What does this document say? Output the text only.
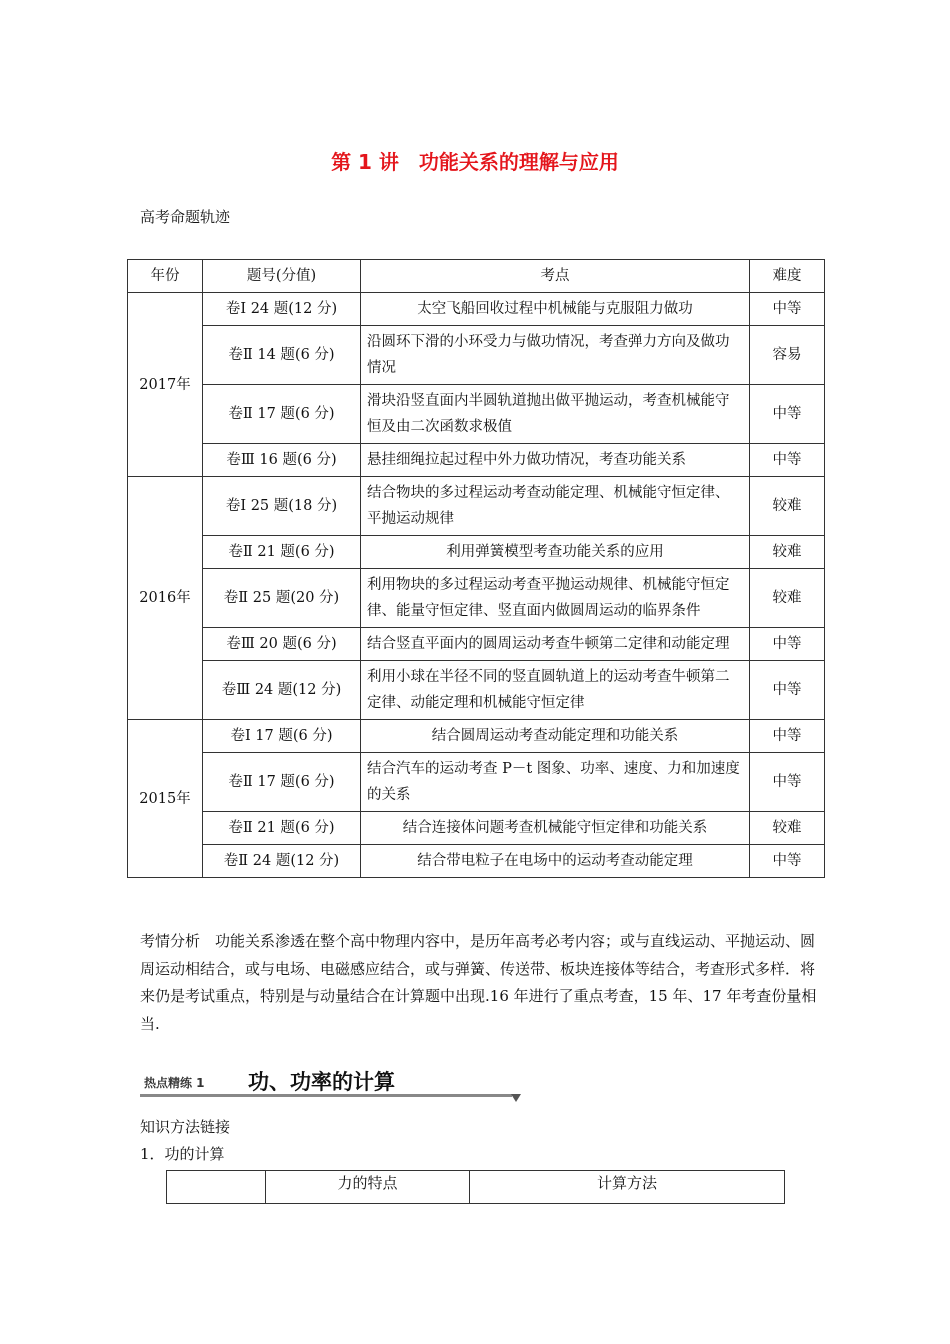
第 1 讲　功能关系的理解与应用
高考命题轨迹
年份	题号(分值)	考点	难度
2017年	卷Ⅰ 24 题(12 分)	太空飞船回收过程中机械能与克服阻力做功	中等
	卷Ⅱ 14 题(6 分)	沿圆环下滑的小环受力与做功情况，考查弹力方向及做功情况	容易
	卷Ⅱ 17 题(6 分)	滑块沿竖直面内半圆轨道抛出做平抛运动，考查机械能守恒及由二次函数求极值	中等
	卷Ⅲ 16 题(6 分)	悬挂细绳拉起过程中外力做功情况，考查功能关系	中等
2016年	卷Ⅰ 25 题(18 分)	结合物块的多过程运动考查动能定理、机械能守恒定律、平抛运动规律	较难
	卷Ⅱ 21 题(6 分)	利用弹簧模型考查功能关系的应用	较难
	卷Ⅱ 25 题(20 分)	利用物块的多过程运动考查平抛运动规律、机械能守恒定律、能量守恒定律、竖直面内做圆周运动的临界条件	较难
	卷Ⅲ 20 题(6 分)	结合竖直平面内的圆周运动考查牛顿第二定律和动能定理	中等
	卷Ⅲ 24 题(12 分)	利用小球在半径不同的竖直圆轨道上的运动考查牛顿第二定律、动能定理和机械能守恒定律	中等
2015年	卷Ⅰ 17 题(6 分)	结合圆周运动考查动能定理和功能关系	中等
	卷Ⅱ 17 题(6 分)	结合汽车的运动考查 P－t 图象、功率、速度、力和加速度的关系	中等
	卷Ⅱ 21 题(6 分)	结合连接体问题考查机械能守恒定律和功能关系	较难
	卷Ⅱ 24 题(12 分)	结合带电粒子在电场中的运动考查动能定理	中等
考情分析  功能关系渗透在整个高中物理内容中，是历年高考必考内容；或与直线运动、平抛运动、圆周运动相结合，或与电场、电磁感应结合，或与弹簧、传送带、板块连接体等结合，考查形式多样．将来仍是考试重点，特别是与动量结合在计算题中出现.16 年进行了重点考查，15 年、17 年考查份量相当.
热点精练 1 功、功率的计算
知识方法链接
1．功的计算
	力的特点	计算方法
